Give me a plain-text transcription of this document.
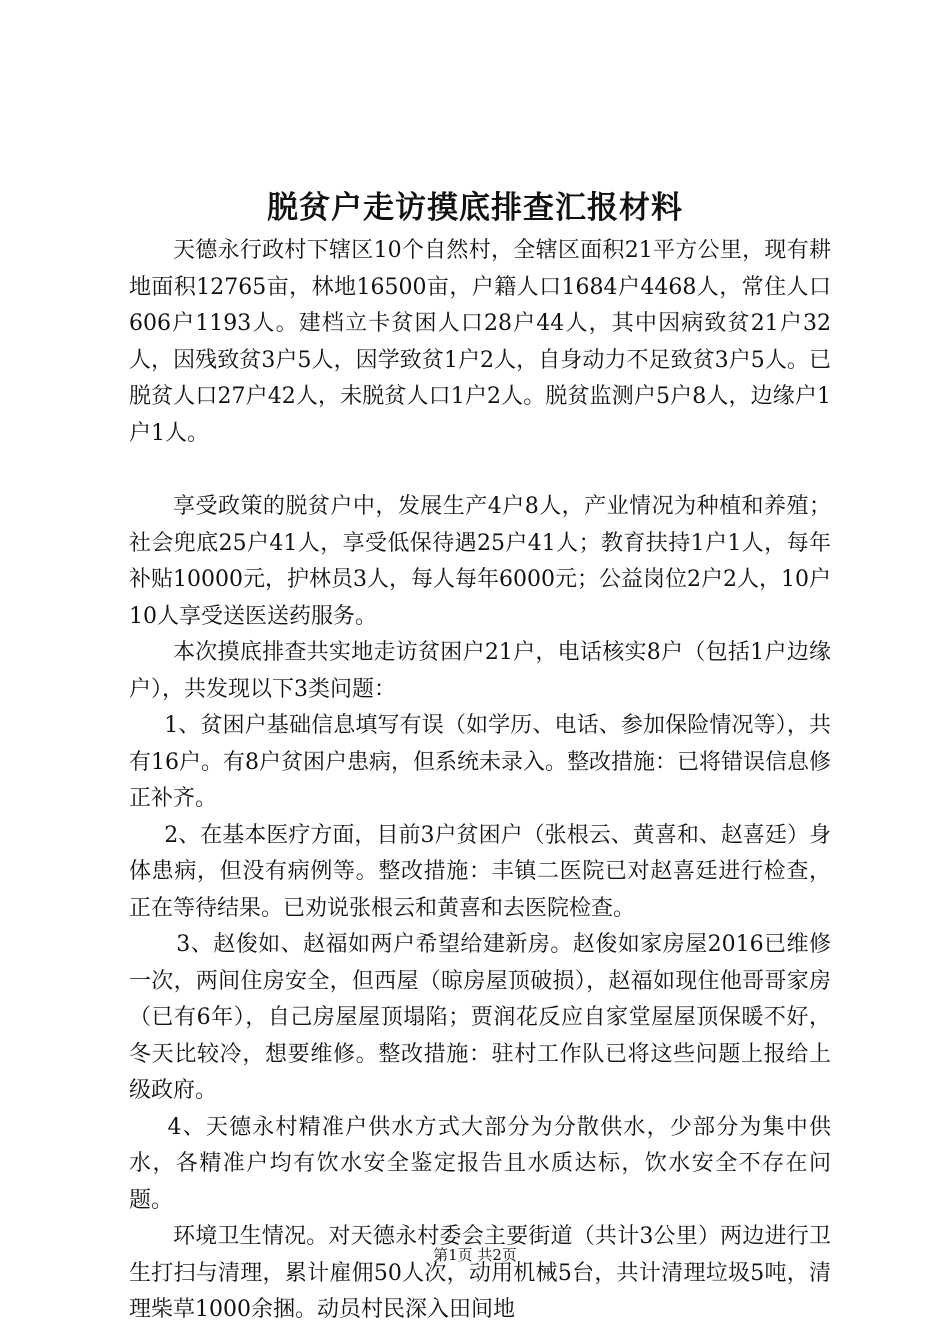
脱贫户走访摸底排查汇报材料

天德永行政村下辖区10个自然村，全辖区面积21平方公里，现有耕地面积12765亩，林地16500亩，户籍人口1684户4468人，常住人口606户1193人。建档立卡贫困人口28户44人，其中因病致贫21户32人，因残致贫3户5人，因学致贫1户2人，自身动力不足致贫3户5人。已脱贫人口27户42人，未脱贫人口1户2人。脱贫监测户5户8人，边缘户1户1人。

享受政策的脱贫户中，发展生产4户8人，产业情况为种植和养殖；社会兜底25户41人，享受低保待遇25户41人；教育扶持1户1人，每年补贴10000元，护林员3人，每人每年6000元；公益岗位2户2人，10户10人享受送医送药服务。

本次摸底排查共实地走访贫困户21户，电话核实8户（包括1户边缘户），共发现以下3类问题：

1、贫困户基础信息填写有误（如学历、电话、参加保险情况等），共有16户。有8户贫困户患病，但系统未录入。整改措施：已将错误信息修正补齐。

2、在基本医疗方面，目前3户贫困户（张根云、黄喜和、赵喜廷）身体患病，但没有病例等。整改措施：丰镇二医院已对赵喜廷进行检查，正在等待结果。已劝说张根云和黄喜和去医院检查。

3、赵俊如、赵福如两户希望给建新房。赵俊如家房屋2016已维修一次，两间住房安全，但西屋（晾房屋顶破损），赵福如现住他哥哥家房（已有6年），自己房屋屋顶塌陷；贾润花反应自家堂屋屋顶保暖不好，冬天比较冷，想要维修。整改措施：驻村工作队已将这些问题上报给上级政府。

4、天德永村精准户供水方式大部分为分散供水，少部分为集中供水，各精准户均有饮水安全鉴定报告且水质达标，饮水安全不存在问题。

环境卫生情况。对天德永村委会主要街道（共计3公里）两边进行卫生打扫与清理，累计雇佣50人次，动用机械5台，共计清理垃圾5吨，清理柴草1000余捆。动员村民深入田间地

第1页 共2页
